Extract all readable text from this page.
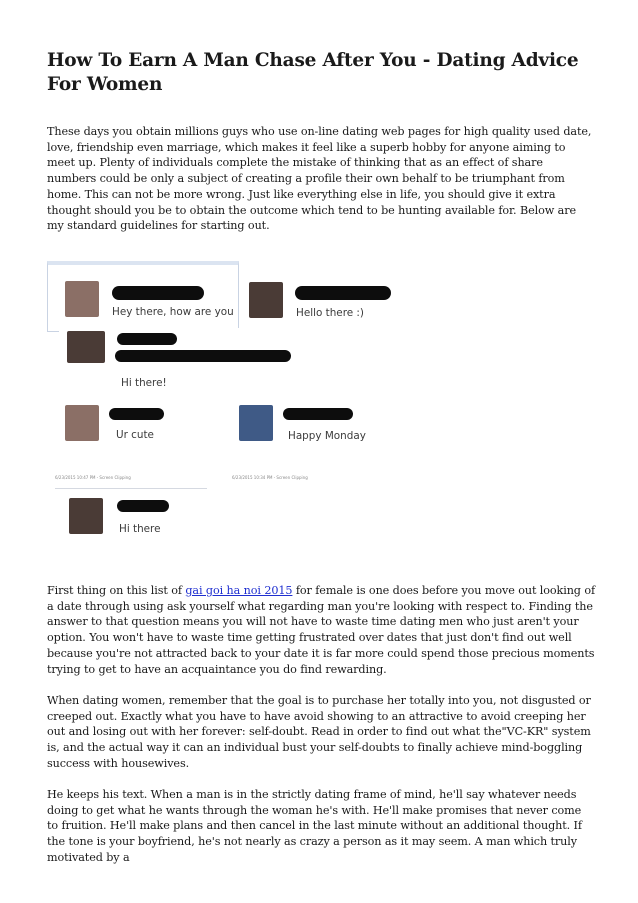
How To Earn A Man Chase After You - Dating Advice For Women

These days you obtain millions guys who use on-line dating web pages for high quality used date, love, friendship even marriage, which makes it feel like a superb hobby for anyone aiming to meet up. Plenty of individuals complete the mistake of thinking that as an effect of share numbers could be only a subject of creating a profile their own behalf to be triumphant from home. This can not be more wrong. Just like everything else in life, you should give it extra thought should you be to obtain the outcome which tend to be hunting available for. Below are my standard guidelines for starting out.

Hey there, how are you	Hello there :)
Hi there!
Ur cute	Happy Monday
6/23/2015 10:47 PM - Screen Clipping	6/23/2015 10:34 PM - Screen Clipping
Hi there

First thing on this list of gai goi ha noi 2015 for female is one does before you move out looking of a date through using ask yourself what regarding man you're looking with respect to. Finding the answer to that question means you will not have to waste time dating men who just aren't your option. You won't have to waste time getting frustrated over dates that just don't find out well because you're not attracted back to your date it is far more could spend those precious moments trying to get to have an acquaintance you do find rewarding.

When dating women, remember that the goal is to purchase her totally into you, not disgusted or creeped out. Exactly what you have to have avoid showing to an attractive to avoid creeping her out and losing out with her forever: self-doubt. Read in order to find out what the"VC-KR" system is, and the actual way it can an individual bust your self-doubts to finally achieve mind-boggling success with housewives.

He keeps his text. When a man is in the strictly dating frame of mind, he'll say whatever needs doing to get what he wants through the woman he's with. He'll make promises that never come to fruition. He'll make plans and then cancel in the last minute without an additional thought. If the tone is your boyfriend, he's not nearly as crazy a person as it may seem. A man which truly motivated by a
